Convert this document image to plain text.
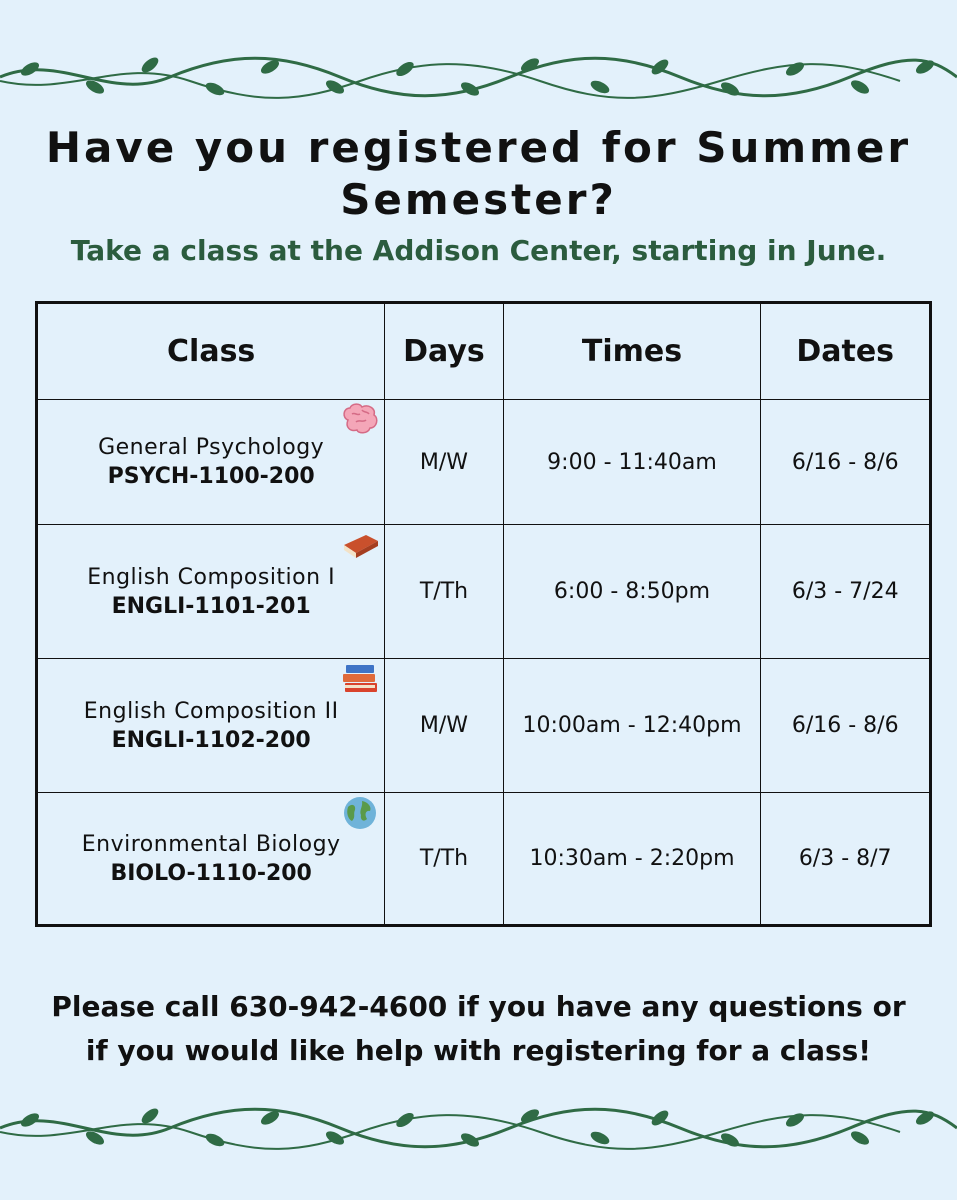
Have you registered for Summer Semester?

Take a class at the Addison Center, starting in June.

Class	Days	Times	Dates

General Psychology
PSYCH-1100-200	M/W	9:00 - 11:40am	6/16 - 8/6

English Composition I
ENGLI-1101-201	T/Th	6:00 - 8:50pm	6/3 - 7/24

English Composition II
ENGLI-1102-200	M/W	10:00am - 12:40pm	6/16 - 8/6

Environmental Biology
BIOLO-1110-200	T/Th	10:30am - 2:20pm	6/3 - 8/7

Please call 630-942-4600 if you have any questions or
if you would like help with registering for a class!
